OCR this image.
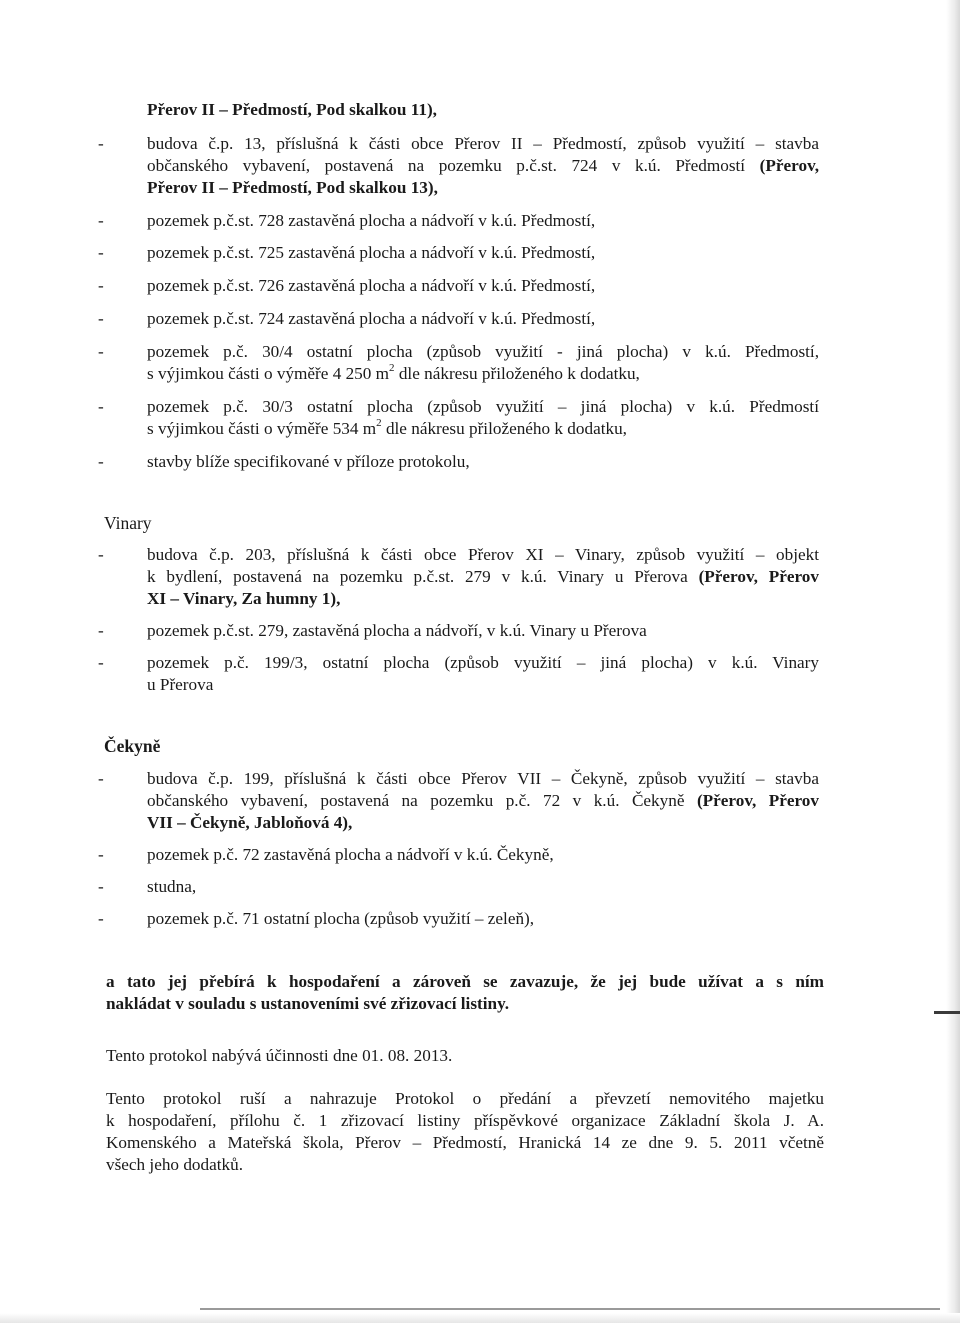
Přerov II – Předmostí, Pod skalkou 11),

-	budova č.p. 13, příslušná k části obce Přerov II – Předmostí, způsob využití – stavba
občanského vybavení, postavená na pozemku p.č.st. 724 v k.ú. Předmostí (Přerov,
Přerov II – Předmostí, Pod skalkou 13),

-	pozemek p.č.st. 728 zastavěná plocha a nádvoří v k.ú. Předmostí,

-	pozemek p.č.st. 725 zastavěná plocha a nádvoří v k.ú. Předmostí,

-	pozemek p.č.st. 726 zastavěná plocha a nádvoří v k.ú. Předmostí,

-	pozemek p.č.st. 724 zastavěná plocha a nádvoří v k.ú. Předmostí,

-	pozemek p.č. 30/4 ostatní plocha (způsob využití - jiná plocha) v k.ú. Předmostí,
s výjimkou části o výměře 4 250 $m^2$ dle nákresu přiloženého k dodatku,

-	pozemek p.č. 30/3 ostatní plocha (způsob využití – jiná plocha) v k.ú. Předmostí
s výjimkou části o výměře 534 $m^2$ dle nákresu přiloženého k dodatku,

-	stavby blíže specifikované v příloze protokolu,

Vinary
-	budova č.p. 203, příslušná k části obce Přerov XI – Vinary, způsob využití – objekt
k bydlení, postavená na pozemku p.č.st. 279 v k.ú. Vinary u Přerova (Přerov, Přerov
XI – Vinary, Za humny 1),

-	pozemek p.č.st. 279, zastavěná plocha a nádvoří, v k.ú. Vinary u Přerova

-	pozemek p.č. 199/3, ostatní plocha (způsob využití – jiná plocha) v k.ú. Vinary
u Přerova

Čekyně
-	budova č.p. 199, příslušná k části obce Přerov VII – Čekyně, způsob využití – stavba
občanského vybavení, postavená na pozemku p.č. 72 v k.ú. Čekyně (Přerov, Přerov
VII – Čekyně, Jabloňová 4),

-	pozemek p.č. 72 zastavěná plocha a nádvoří v k.ú. Čekyně,

-	studna,

-	pozemek p.č. 71 ostatní plocha (způsob využití – zeleň),

a tato jej přebírá k hospodaření a zároveň se zavazuje, že jej bude užívat a s ním
nakládat v souladu s ustanoveními své zřizovací listiny.

Tento protokol nabývá účinnosti dne 01. 08. 2013.

Tento protokol ruší a nahrazuje Protokol o předání a převzetí nemovitého majetku
k hospodaření, přílohu č. 1 zřizovací listiny příspěvkové organizace Základní škola J. A.
Komenského a Mateřská škola, Přerov – Předmostí, Hranická 14 ze dne 9. 5. 2011 včetně
všech jeho dodatků.
